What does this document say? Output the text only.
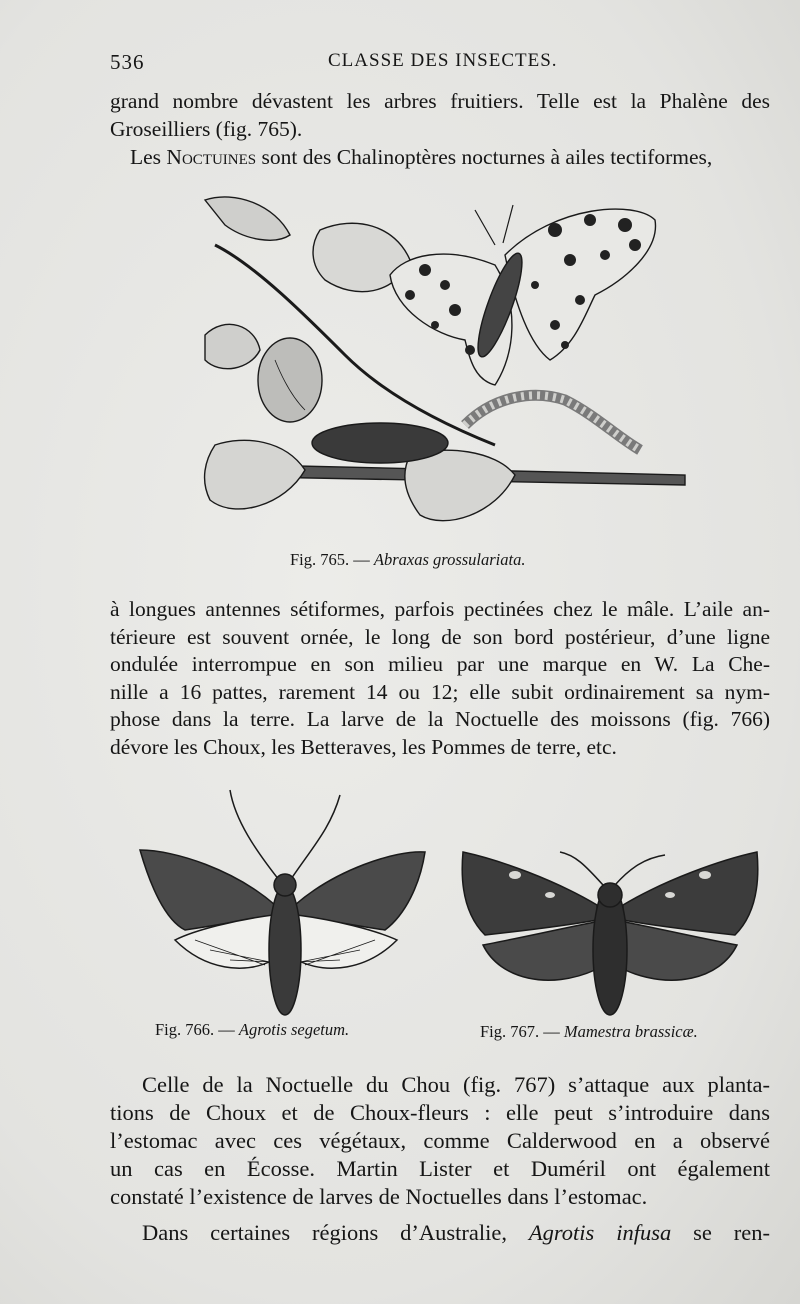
536	CLASSE DES INSECTES.
grand nombre dévastent les arbres fruitiers. Telle est la Phalène des
Groseilliers (fig. 765).
Les Noctuines sont des Chalinoptères nocturnes à ailes tectiformes,
Fig. 765. — Abraxas grossulariata.
à longues antennes sétiformes, parfois pectinées chez le mâle. L’aile an-
térieure est souvent ornée, le long de son bord postérieur, d’une ligne
ondulée interrompue en son milieu par une marque en W. La Che-
nille a 16 pattes, rarement 14 ou 12; elle subit ordinairement sa nym-
phose dans la terre. La larve de la Noctuelle des moissons (fig. 766)
dévore les Choux, les Betteraves, les Pommes de terre, etc.
Fig. 766. — Agrotis segetum.	Fig. 767. — Mamestra brassicæ.
Celle de la Noctuelle du Chou (fig. 767) s’attaque aux planta-
tions de Choux et de Choux-fleurs : elle peut s’introduire dans
l’estomac avec ces végétaux, comme Calderwood en a observé
un cas en Écosse. Martin Lister et Duméril ont également
constaté l’existence de larves de Noctuelles dans l’estomac.
Dans certaines régions d’Australie, Agrotis infusa se ren-
